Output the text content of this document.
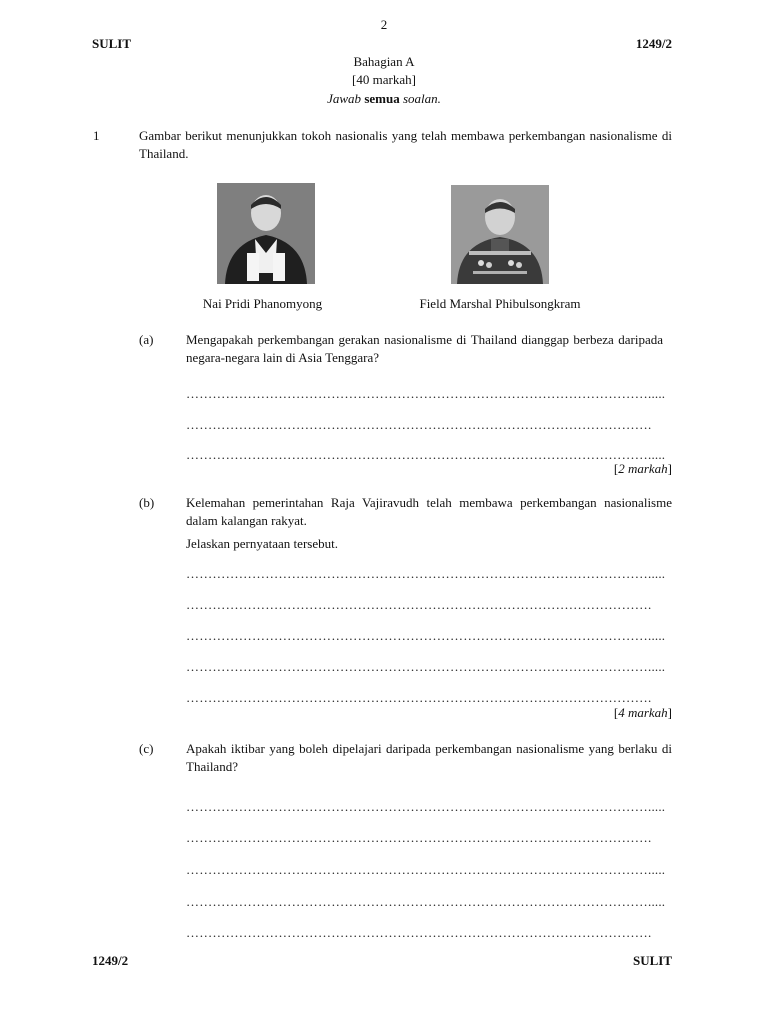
2
SULIT	1249/2
Bahagian A
[40 markah]
Jawab semua soalan.
1	Gambar berikut menunjukkan tokoh nasionalis yang telah membawa perkembangan nasionalisme di Thailand.
Nai Pridi Phanomyong	Field Marshal Phibulsongkram
(a)	Mengapakah perkembangan gerakan nasionalisme di Thailand dianggap berbeza daripada negara-negara lain di Asia Tenggara?
…………………………………………………………………………………………….....
…………………………………………………………………………………………….
…………………………………………………………………………………………….....
[2 markah]
(b) Kelemahan pemerintahan Raja Vajiravudh telah membawa perkembangan nasionalisme dalam kalangan rakyat.
Jelaskan pernyataan tersebut.
…………………………………………………………………………………………….....
…………………………………………………………………………………………….
…………………………………………………………………………………………….....
…………………………………………………………………………………………….....
…………………………………………………………………………………………….
[4 markah]
(c)	Apakah iktibar yang boleh dipelajari daripada perkembangan nasionalisme yang berlaku di Thailand?
…………………………………………………………………………………………….....
…………………………………………………………………………………………….
…………………………………………………………………………………………….....
…………………………………………………………………………………………….....
…………………………………………………………………………………………….
1249/2	SULIT
